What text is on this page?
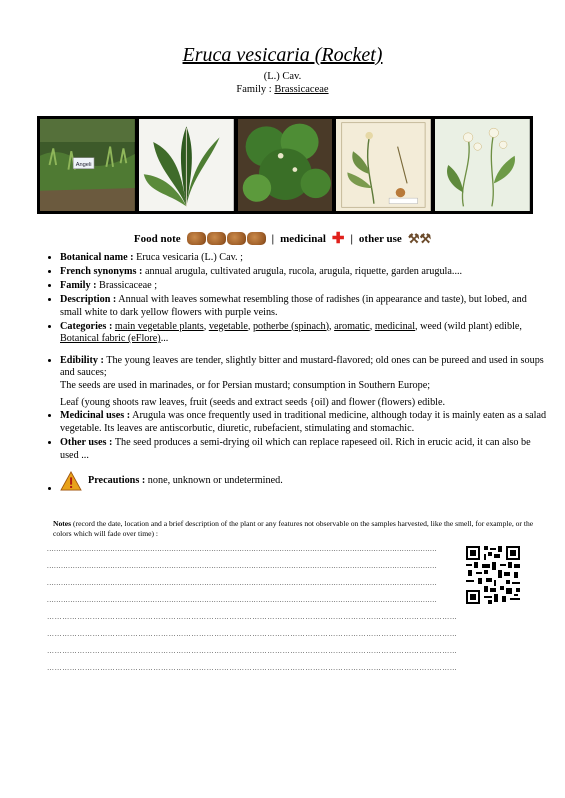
Eruca vesicaria (Rocket)
(L.) Cav.
Family : Brassicaceae
Angeli
Food note	| medicinal ✚ | other use ⚒⚒
• Botanical name : Eruca vesicaria (L.) Cav. ;
• French synonyms : annual arugula, cultivated arugula, rucola, arugula, riquette, garden arugula....
• Family : Brassicaceae ;
• Description : Annual with leaves somewhat resembling those of radishes (in appearance and taste), but lobed, and small white to dark yellow flowers with purple veins.
• Categories : main vegetable plants, vegetable, potherbe (spinach), aromatic, medicinal, weed (wild plant) edible, Botanical fabric (eFlore)...
• Edibility : The young leaves are tender, slightly bitter and mustard-flavored; old ones can be pureed and used in soups and sauces;
The seeds are used in marinades, or for Persian mustard; consumption in Southern Europe;
Leaf (young shoots raw leaves, fruit (seeds and extract seeds {oil) and flower (flowers) edible.
• Medicinal uses : Arugula was once frequently used in traditional medicine, although today it is mainly eaten as a salad vegetable. Its leaves are antiscorbutic, diuretic, rubefacient, stimulating and stomachic.
• Other uses : The seed produces a semi-drying oil which can replace rapeseed oil. Rich in erucic acid, it can also be used ...
• Precautions : none, unknown or undetermined.
Notes (record the date, location and a brief description of the plant or any features not observable on the samples harvested, like the smell, for example, or the colors which will fade over time) :
......................................................................................................................................................................
......................................................................................................................................................................
......................................................................................................................................................................
......................................................................................................................................................................
………………………………………………………………………………………………………………………………………………
………………………………………………………………………………………………………………………………………………
………………………………………………………………………………………………………………………………………………
………………………………………………………………………………………………………………………………………………
